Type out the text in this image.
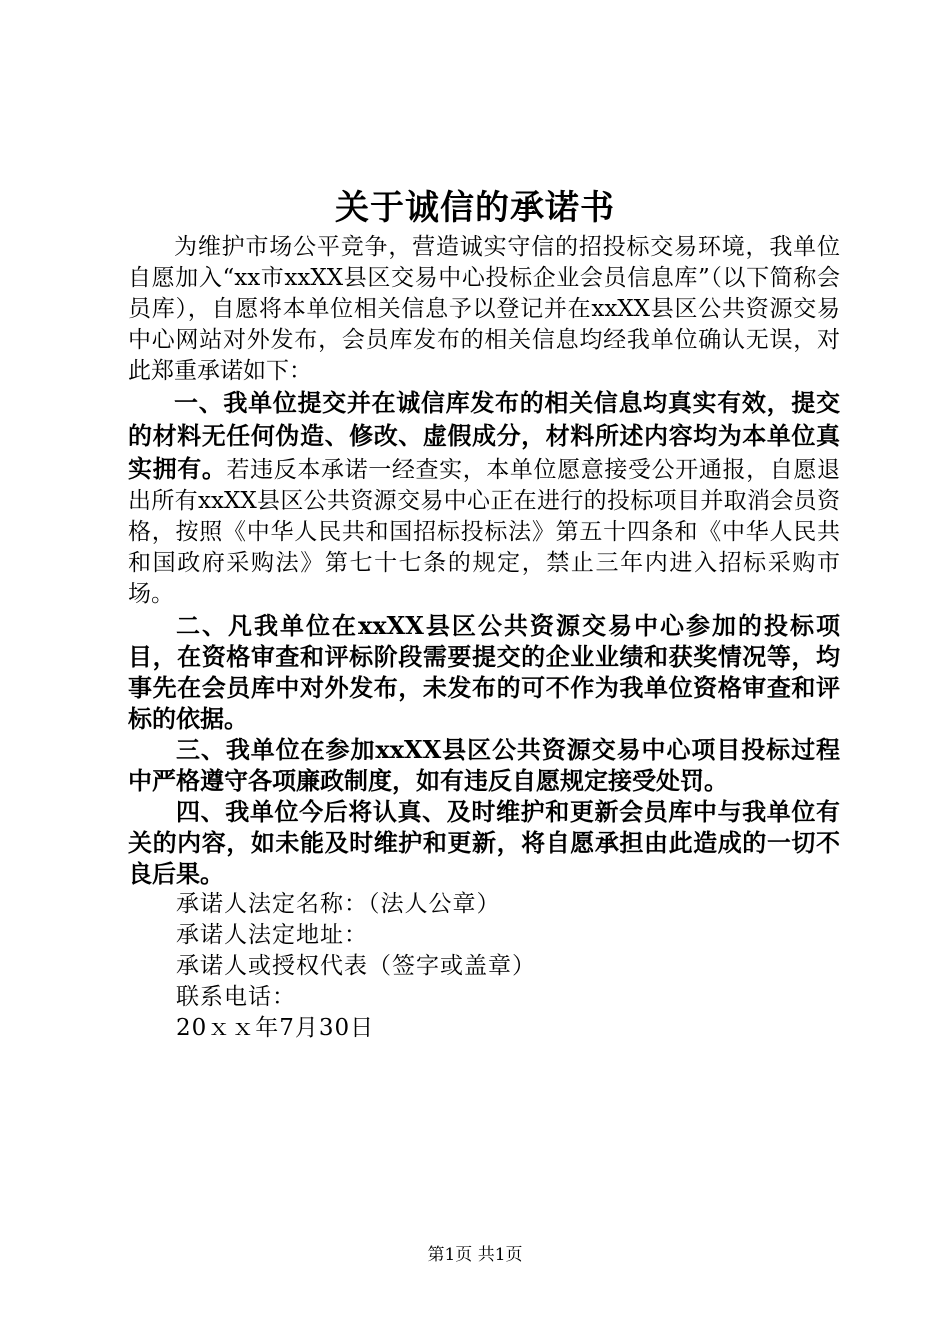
关于诚信的承诺书

为维护市场公平竞争，营造诚实守信的招投标交易环境，我单位自愿加入“xx市xxXX县区交易中心投标企业会员信息库”（以下简称会员库），自愿将本单位相关信息予以登记并在xxXX县区公共资源交易中心网站对外发布，会员库发布的相关信息均经我单位确认无误，对此郑重承诺如下：

一、我单位提交并在诚信库发布的相关信息均真实有效，提交的材料无任何伪造、修改、虚假成分，材料所述内容均为本单位真实拥有。若违反本承诺一经查实，本单位愿意接受公开通报，自愿退出所有xxXX县区公共资源交易中心正在进行的投标项目并取消会员资格，按照《中华人民共和国招标投标法》第五十四条和《中华人民共和国政府采购法》第七十七条的规定，禁止三年内进入招标采购市场。

二、凡我单位在xxXX县区公共资源交易中心参加的投标项目，在资格审查和评标阶段需要提交的企业业绩和获奖情况等，均事先在会员库中对外发布，未发布的可不作为我单位资格审查和评标的依据。

三、我单位在参加xxXX县区公共资源交易中心项目投标过程中严格遵守各项廉政制度，如有违反自愿规定接受处罚。

四、我单位今后将认真、及时维护和更新会员库中与我单位有关的内容，如未能及时维护和更新，将自愿承担由此造成的一切不良后果。

承诺人法定名称：（法人公章）

承诺人法定地址：

承诺人或授权代表（签字或盖章）

联系电话：

20ｘｘ年7月30日

第1页 共1页
